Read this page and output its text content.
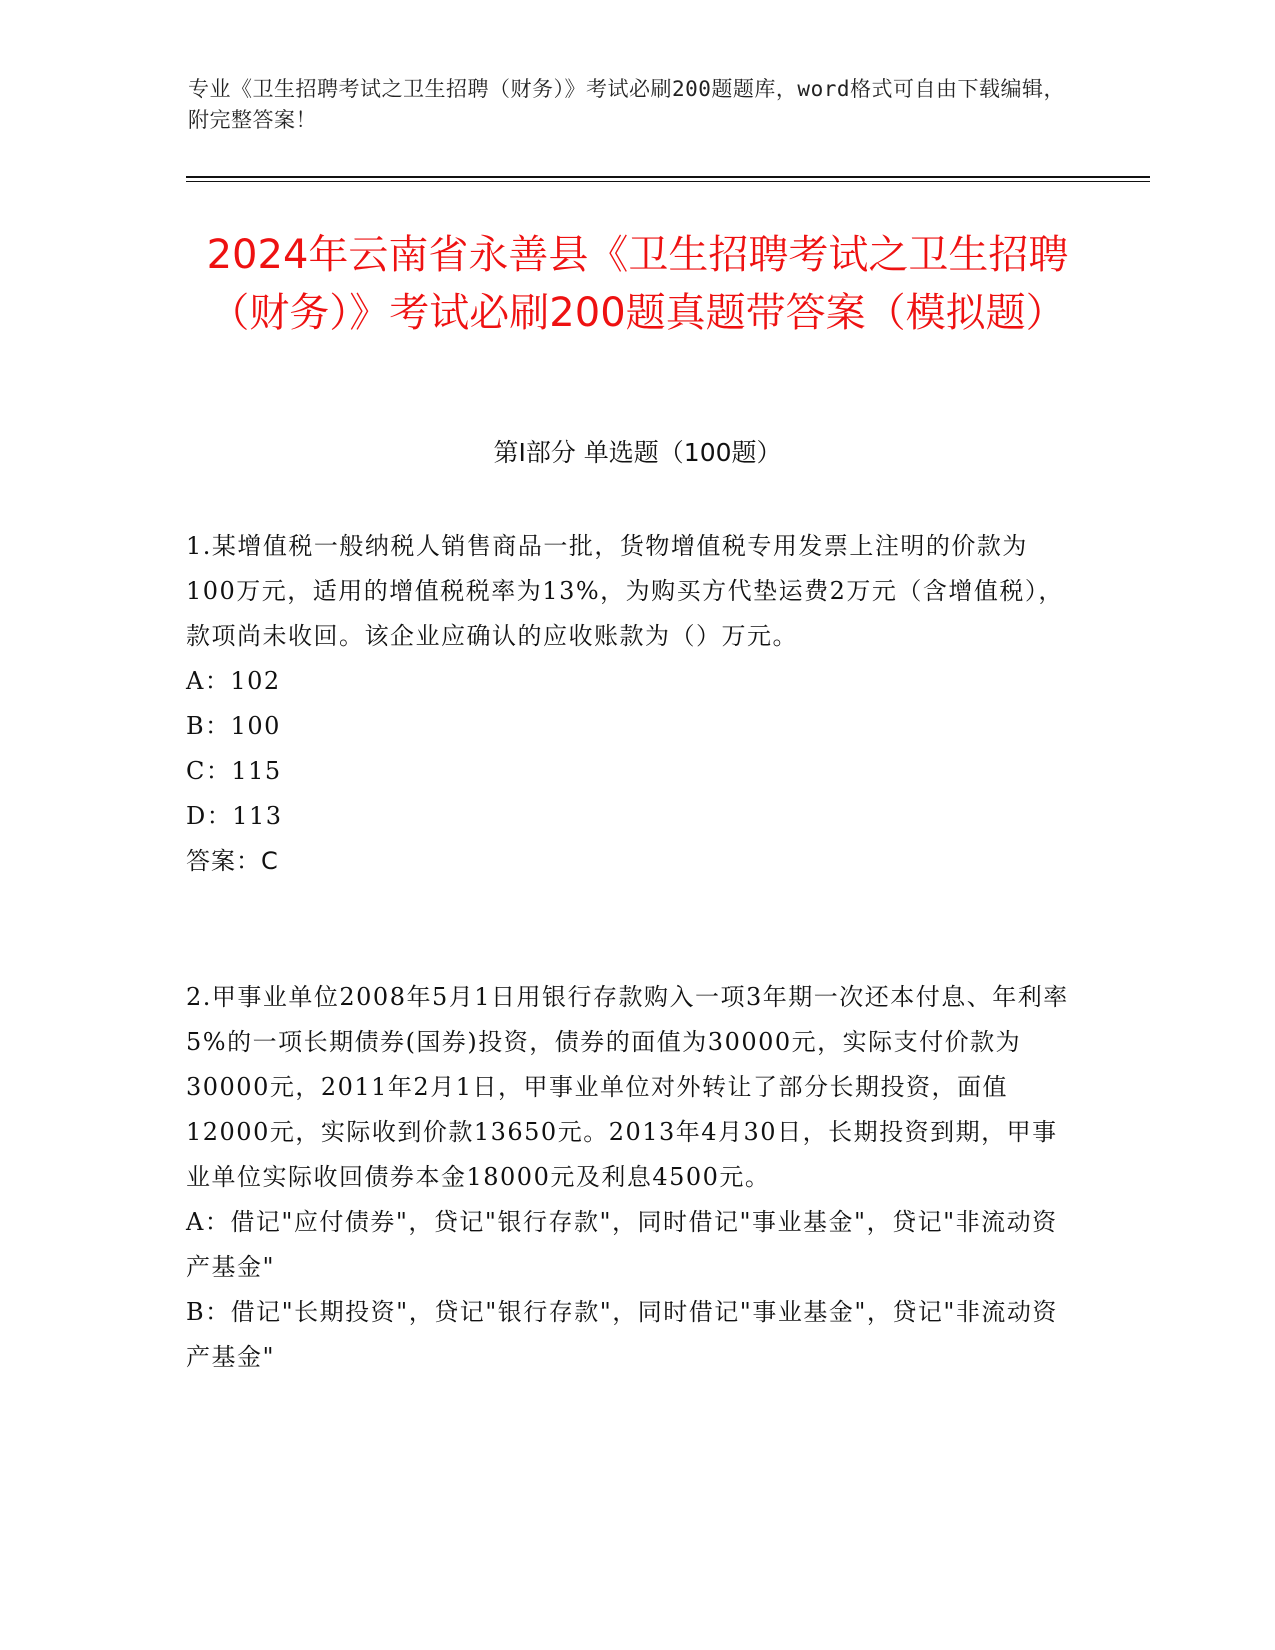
专业《卫生招聘考试之卫生招聘（财务）》考试必刷200题题库，word格式可自由下载编辑，附完整答案！
2024年云南省永善县《卫生招聘考试之卫生招聘（财务）》考试必刷200题真题带答案（模拟题）
第I部分 单选题（100题）

1.某增值税一般纳税人销售商品一批，货物增值税专用发票上注明的价款为100万元，适用的增值税税率为13%，为购买方代垫运费2万元（含增值税），款项尚未收回。该企业应确认的应收账款为（）万元。

A：102

B：100

C：115

D：113

答案：C

2.甲事业单位2008年5月1日用银行存款购入一项3年期一次还本付息、年利率5%的一项长期债券(国券)投资，债券的面值为30000元，实际支付价款为30000元，2011年2月1日，甲事业单位对外转让了部分长期投资，面值12000元，实际收到价款13650元。2013年4月30日，长期投资到期，甲事业单位实际收回债券本金18000元及利息4500元。

A：借记"应付债券"，贷记"银行存款"，同时借记"事业基金"，贷记"非流动资产基金"

B：借记"长期投资"，贷记"银行存款"，同时借记"事业基金"，贷记"非流动资产基金"
